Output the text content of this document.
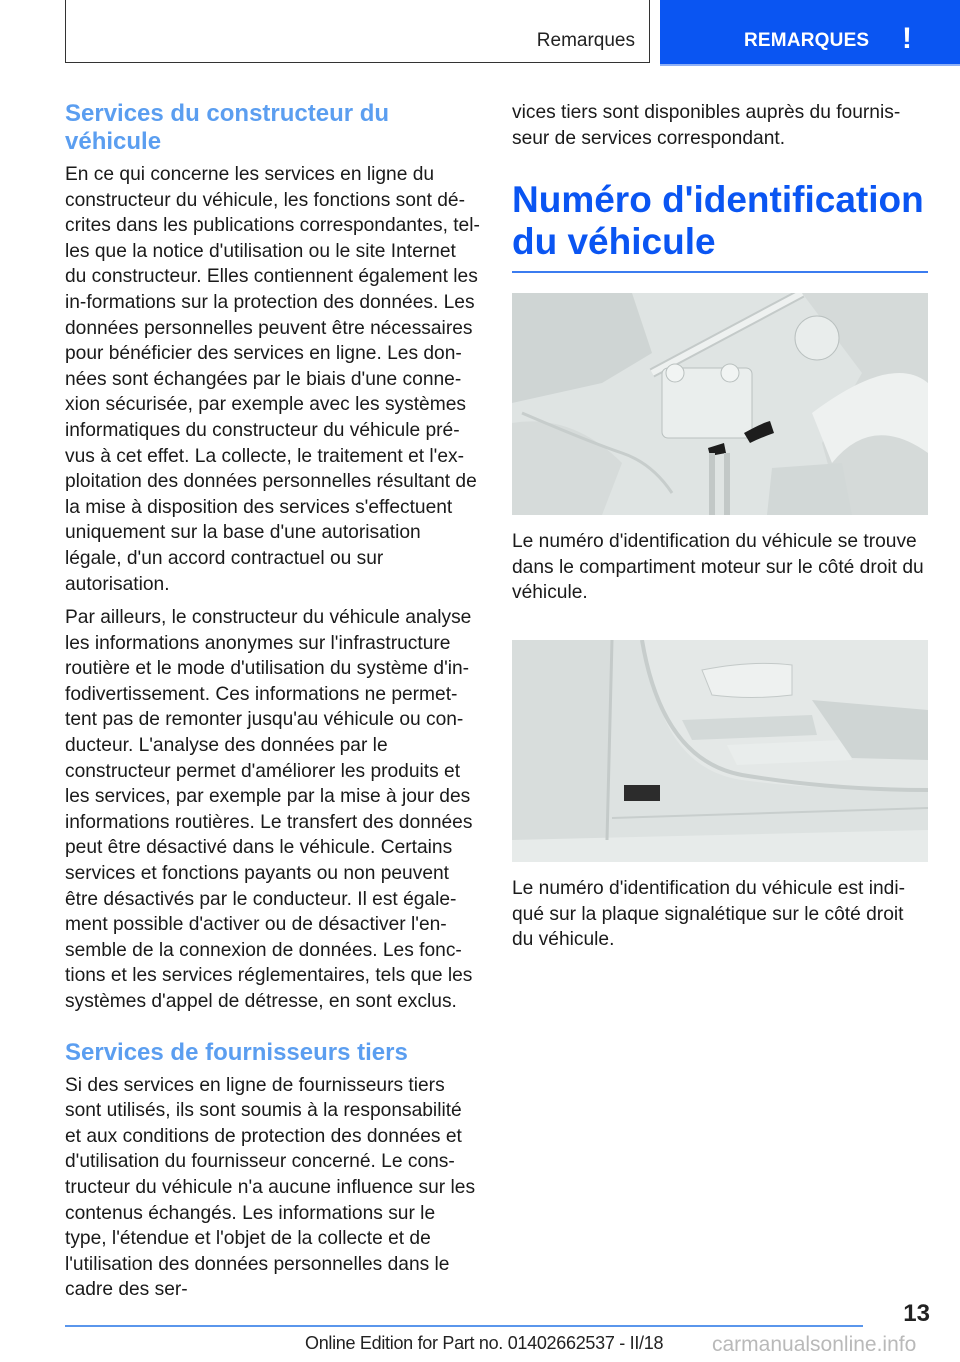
Remarques	REMARQUES !
Services du constructeur du véhicule

En ce qui concerne les services en ligne du constructeur du véhicule, les fonctions sont dé-crites dans les publications correspondantes, tel-les que la notice d'utilisation ou le site Internet du constructeur. Elles contiennent également les in-formations sur la protection des données. Les données personnelles peuvent être nécessaires pour bénéficier des services en ligne. Les don-nées sont échangées par le biais d'une conne-xion sécurisée, par exemple avec les systèmes informatiques du constructeur du véhicule pré-vus à cet effet. La collecte, le traitement et l'ex-ploitation des données personnelles résultant de la mise à disposition des services s'effectuent uniquement sur la base d'une autorisation légale, d'un accord contractuel ou sur autorisation.

Par ailleurs, le constructeur du véhicule analyse les informations anonymes sur l'infrastructure routière et le mode d'utilisation du système d'in-fodivertissement. Ces informations ne permet-tent pas de remonter jusqu'au véhicule ou con-ducteur. L'analyse des données par le constructeur permet d'améliorer les produits et les services, par exemple par la mise à jour des informations routières. Le transfert des données peut être désactivé dans le véhicule. Certains services et fonctions payants ou non peuvent être désactivés par le conducteur. Il est égale-ment possible d'activer ou de désactiver l'en-semble de la connexion de données. Les fonc-tions et les services réglementaires, tels que les systèmes d'appel de détresse, en sont exclus.

Services de fournisseurs tiers

Si des services en ligne de fournisseurs tiers sont utilisés, ils sont soumis à la responsabilité et aux conditions de protection des données et d'utilisation du fournisseur concerné. Le cons-tructeur du véhicule n'a aucune influence sur les contenus échangés. Les informations sur le type, l'étendue et l'objet de la collecte et de l'utilisation des données personnelles dans le cadre des ser-

vices tiers sont disponibles auprès du fournis-seur de services correspondant.

Numéro d'identification du véhicule

Le numéro d'identification du véhicule se trouve dans le compartiment moteur sur le côté droit du véhicule.

Le numéro d'identification du véhicule est indi-qué sur la plaque signalétique sur le côté droit du véhicule.

13
Online Edition for Part no. 01402662537 - II/18 carmanualsonline.info
